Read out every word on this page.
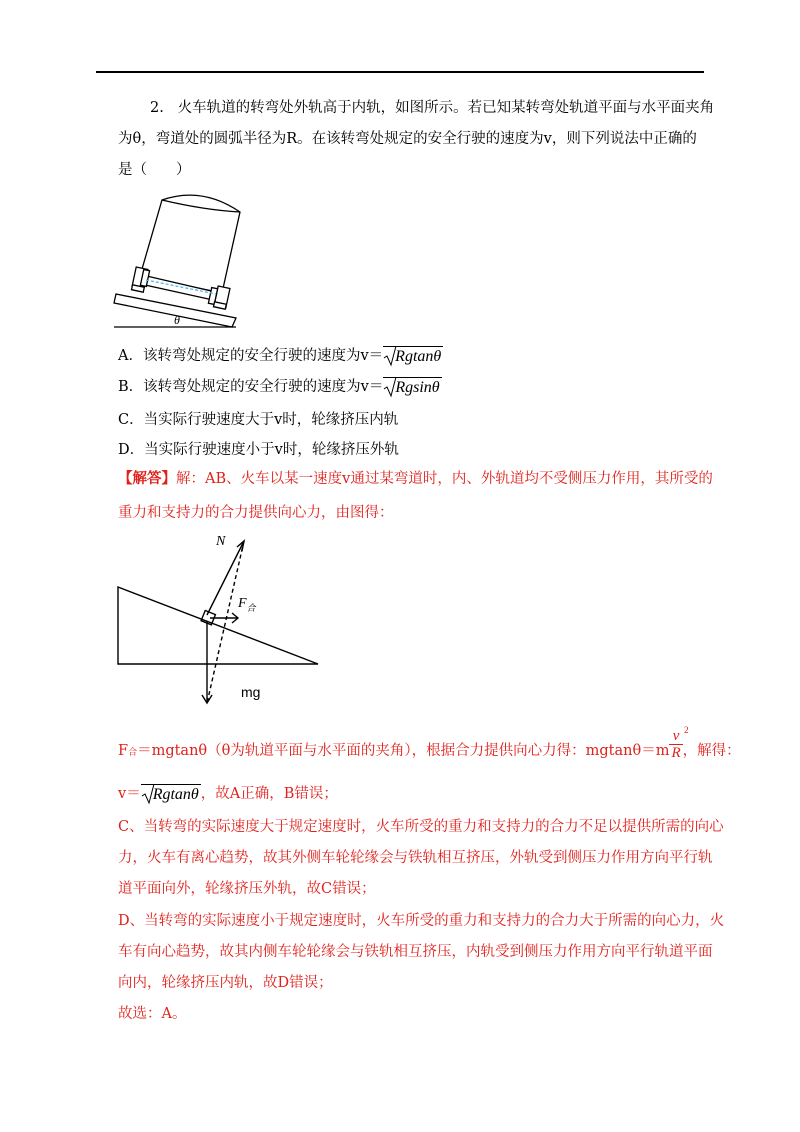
2. 火车轨道的转弯处外轨高于内轨，如图所示。若已知某转弯处轨道平面与水平面夹角
为θ，弯道处的圆弧半径为R。在该转弯处规定的安全行驶的速度为v，则下列说法中正确的
是（　　）
θ
A．该转弯处规定的安全行驶的速度为v＝ Rgtanθ
B．该转弯处规定的安全行驶的速度为v＝ Rgsinθ
C．当实际行驶速度大于v时，轮缘挤压内轨
D．当实际行驶速度小于v时，轮缘挤压外轨
【解答】解：AB、火车以某一速度v通过某弯道时，内、外轨道均不受侧压力作用，其所受的
重力和支持力的合力提供向心力，由图得：
N
$F_合$
mg
F合＝mgtanθ（θ为轨道平面与水平面的夹角），根据合力提供向心力得：$mgtan\theta=m \frac{v 2}{R}$ ，解得：
v＝ Rgtanθ ，故A正确，B错误；
C、当转弯的实际速度大于规定速度时，火车所受的重力和支持力的合力不足以提供所需的向心
力，火车有离心趋势，故其外侧车轮轮缘会与铁轨相互挤压，外轨受到侧压力作用方向平行轨
道平面向外，轮缘挤压外轨，故C错误；
D、当转弯的实际速度小于规定速度时，火车所受的重力和支持力的合力大于所需的向心力，火
车有向心趋势，故其内侧车轮轮缘会与铁轨相互挤压，内轨受到侧压力作用方向平行轨道平面
向内，轮缘挤压内轨，故D错误；
故选：A。
